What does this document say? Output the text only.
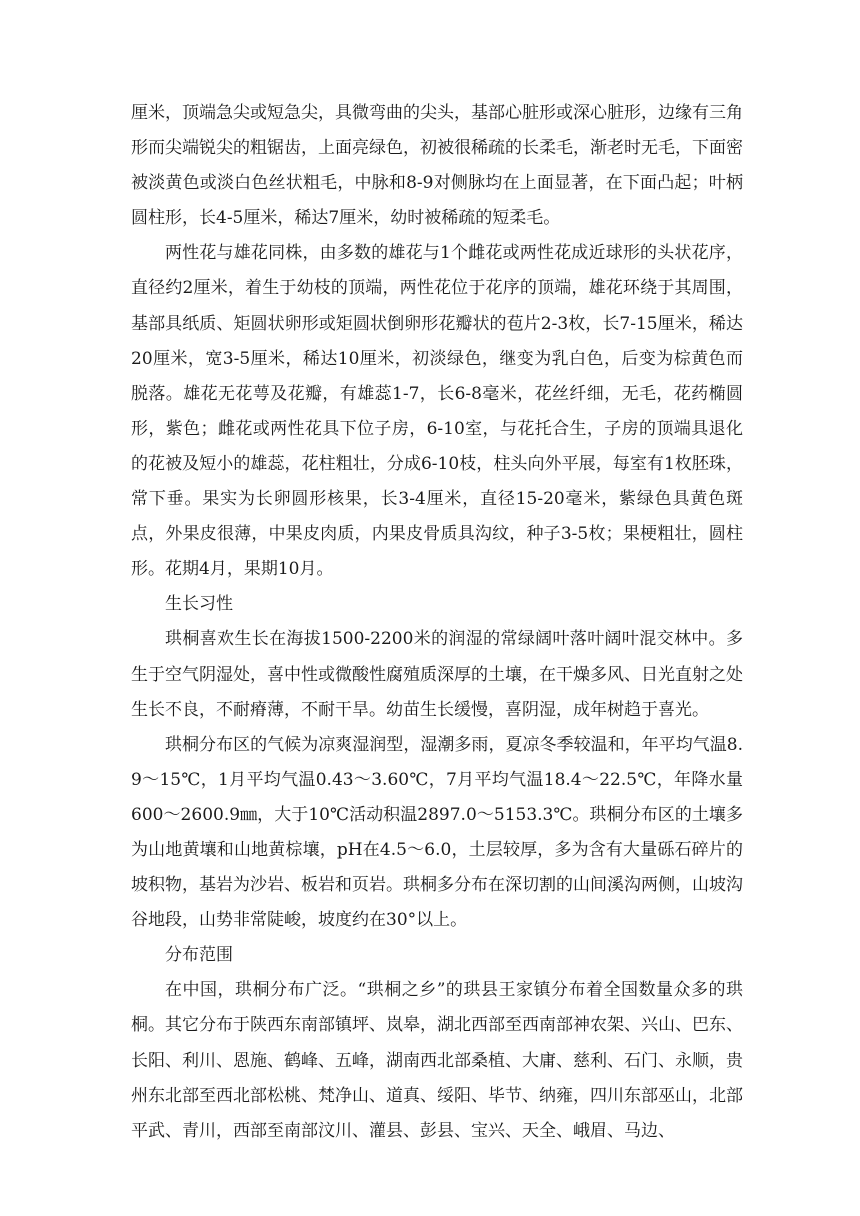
厘米，顶端急尖或短急尖，具微弯曲的尖头，基部心脏形或深心脏形，边缘有三角形而尖端锐尖的粗锯齿，上面亮绿色，初被很稀疏的长柔毛，渐老时无毛，下面密被淡黄色或淡白色丝状粗毛，中脉和8-9对侧脉均在上面显著，在下面凸起；叶柄圆柱形，长4-5厘米，稀达7厘米，幼时被稀疏的短柔毛。

两性花与雄花同株，由多数的雄花与1个雌花或两性花成近球形的头状花序，直径约2厘米，着生于幼枝的顶端，两性花位于花序的顶端，雄花环绕于其周围，基部具纸质、矩圆状卵形或矩圆状倒卵形花瓣状的苞片2-3枚，长7-15厘米，稀达20厘米，宽3-5厘米，稀达10厘米，初淡绿色，继变为乳白色，后变为棕黄色而脱落。雄花无花萼及花瓣，有雄蕊1-7，长6-8毫米，花丝纤细，无毛，花药椭圆形，紫色；雌花或两性花具下位子房，6-10室，与花托合生，子房的顶端具退化的花被及短小的雄蕊，花柱粗壮，分成6-10枝，柱头向外平展，每室有1枚胚珠，常下垂。果实为长卵圆形核果，长3-4厘米，直径15-20毫米，紫绿色具黄色斑点，外果皮很薄，中果皮肉质，内果皮骨质具沟纹，种子3-5枚；果梗粗壮，圆柱形。花期4月，果期10月。

生长习性

珙桐喜欢生长在海拔1500-2200米的润湿的常绿阔叶落叶阔叶混交林中。多生于空气阴湿处，喜中性或微酸性腐殖质深厚的土壤，在干燥多风、日光直射之处生长不良，不耐瘠薄，不耐干旱。幼苗生长缓慢，喜阴湿，成年树趋于喜光。

珙桐分布区的气候为凉爽湿润型，湿潮多雨，夏凉冬季较温和，年平均气温8.9～15℃，1月平均气温0.43～3.60℃，7月平均气温18.4～22.5℃，年降水量600～2600.9㎜，大于10℃活动积温2897.0～5153.3℃。珙桐分布区的土壤多为山地黄壤和山地黄棕壤，pH在4.5～6.0，土层较厚，多为含有大量砾石碎片的坡积物，基岩为沙岩、板岩和页岩。珙桐多分布在深切割的山间溪沟两侧，山坡沟谷地段，山势非常陡峻，坡度约在30°以上。

分布范围

在中国，珙桐分布广泛。“珙桐之乡”的珙县王家镇分布着全国数量众多的珙桐。其它分布于陕西东南部镇坪、岚皋，湖北西部至西南部神农架、兴山、巴东、长阳、利川、恩施、鹤峰、五峰，湖南西北部桑植、大庸、慈利、石门、永顺，贵州东北部至西北部松桃、梵净山、道真、绥阳、毕节、纳雍，四川东部巫山，北部平武、青川，西部至南部汶川、灌县、彭县、宝兴、天全、峨眉、马边、
